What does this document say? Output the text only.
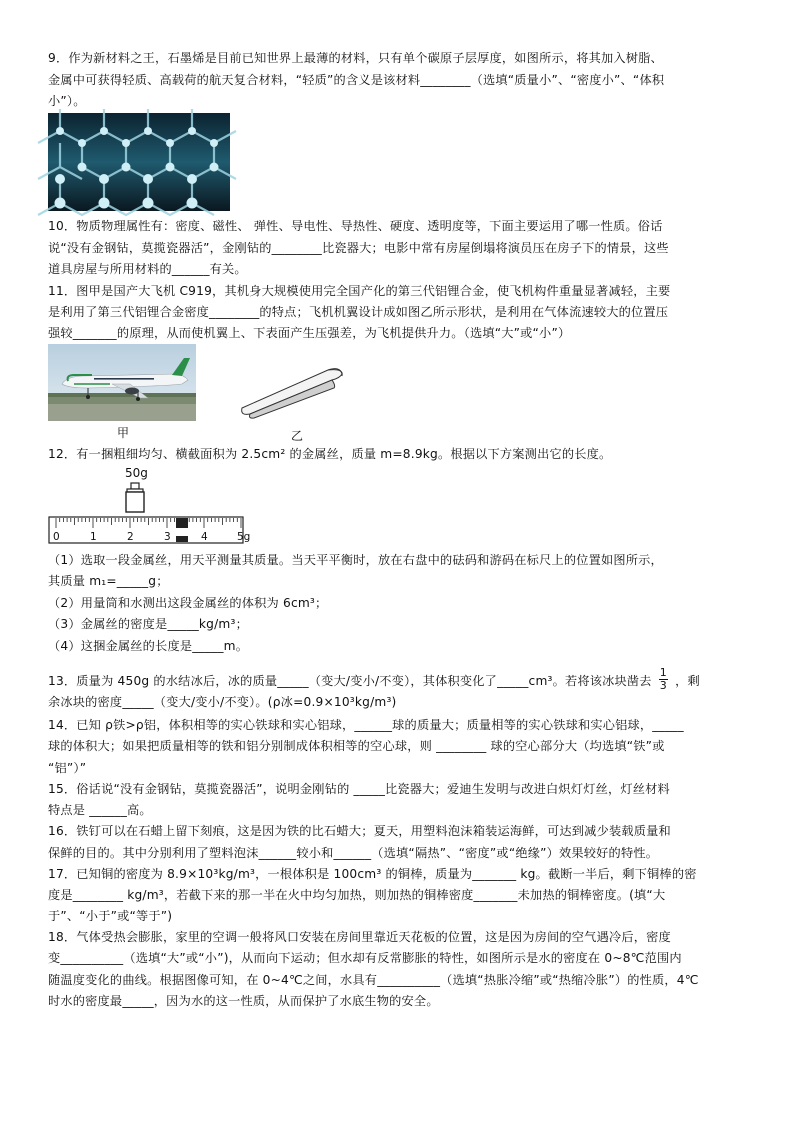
9．作为新材料之王，石墨烯是目前已知世界上最薄的材料，只有单个碳原子层厚度，如图所示，将其加入树脂、
金属中可获得轻质、高载荷的航天复合材料，“轻质”的含义是该材料________（选填“质量小”、“密度小”、“体积
小”）。
10．物质物理属性有：密度、磁性、 弹性、导电性、导热性、硬度、透明度等，下面主要运用了哪一性质。俗话
说“没有金钢钻，莫揽瓷器活”，金刚钻的________比瓷器大；电影中常有房屋倒塌将演员压在房子下的情景，这些
道具房屋与所用材料的______有关。
11．图甲是国产大飞机 C919，其机身大规模使用完全国产化的第三代铝锂合金，使飞机构件重量显著减轻，主要
是利用了第三代铝锂合金密度________的特点；飞机机翼设计成如图乙所示形状，是利用在气体流速较大的位置压
强较_______的原理，从而使机翼上、下表面产生压强差，为飞机提供升力。（选填“大”或“小”）
甲	乙
12．有一捆粗细均匀、横截面积为 2.5cm² 的金属丝，质量 m=8.9kg。根据以下方案测出它的长度。
50g
0	1	2	3	4	5g
（1）选取一段金属丝，用天平测量其质量。当天平平衡时，放在右盘中的砝码和游码在标尺上的位置如图所示，
其质量 m₁=_____g；
（2）用量筒和水测出这段金属丝的体积为 6cm³；
（3）金属丝的密度是_____kg/m³；
（4）这捆金属丝的长度是_____m。
13．质量为 450g 的水结冰后，冰的质量_____（变大/变小/不变），其体积变化了_____cm³。若将该冰块凿去 $\frac{1}{3}$ ，剩
余冰块的密度_____（变大/变小/不变）。(ρ冰=0.9×10³kg/m³)
14．已知 ρ铁>ρ铝，体积相等的实心铁球和实心铝球，______球的质量大；质量相等的实心铁球和实心铝球，_____
球的体积大；如果把质量相等的铁和铝分别制成体积相等的空心球，则 ________ 球的空心部分大（均选填“铁”或
“铝”）”
15．俗话说“没有金钢钻，莫揽瓷器活”，说明金刚钻的 _____比瓷器大；爱迪生发明与改进白炽灯灯丝，灯丝材料
特点是 ______高。
16．铁钉可以在石蜡上留下刻痕，这是因为铁的比石蜡大；夏天，用塑料泡沫箱装运海鲜，可达到减少装载质量和
保鲜的目的。其中分别利用了塑料泡沫______较小和______（选填“隔热”、“密度”或“绝缘”）效果较好的特性。
17．已知铜的密度为 8.9×10³kg/m³，一根体积是 100cm³ 的铜棒，质量为_______ kg。截断一半后，剩下铜棒的密
度是________ kg/m³，若截下来的那一半在火中均匀加热，则加热的铜棒密度_______未加热的铜棒密度。(填“大
于”、“小于”或“等于”)
18．气体受热会膨胀，家里的空调一般将风口安装在房间里靠近天花板的位置，这是因为房间的空气遇冷后，密度
变__________（选填“大”或“小”)，从而向下运动；但水却有反常膨胀的特性，如图所示是水的密度在 0~8℃范围内
随温度变化的曲线。根据图像可知，在 0~4℃之间，水具有__________（选填“热胀冷缩”或“热缩冷胀”）的性质，4℃
时水的密度最_____，因为水的这一性质，从而保护了水底生物的安全。
